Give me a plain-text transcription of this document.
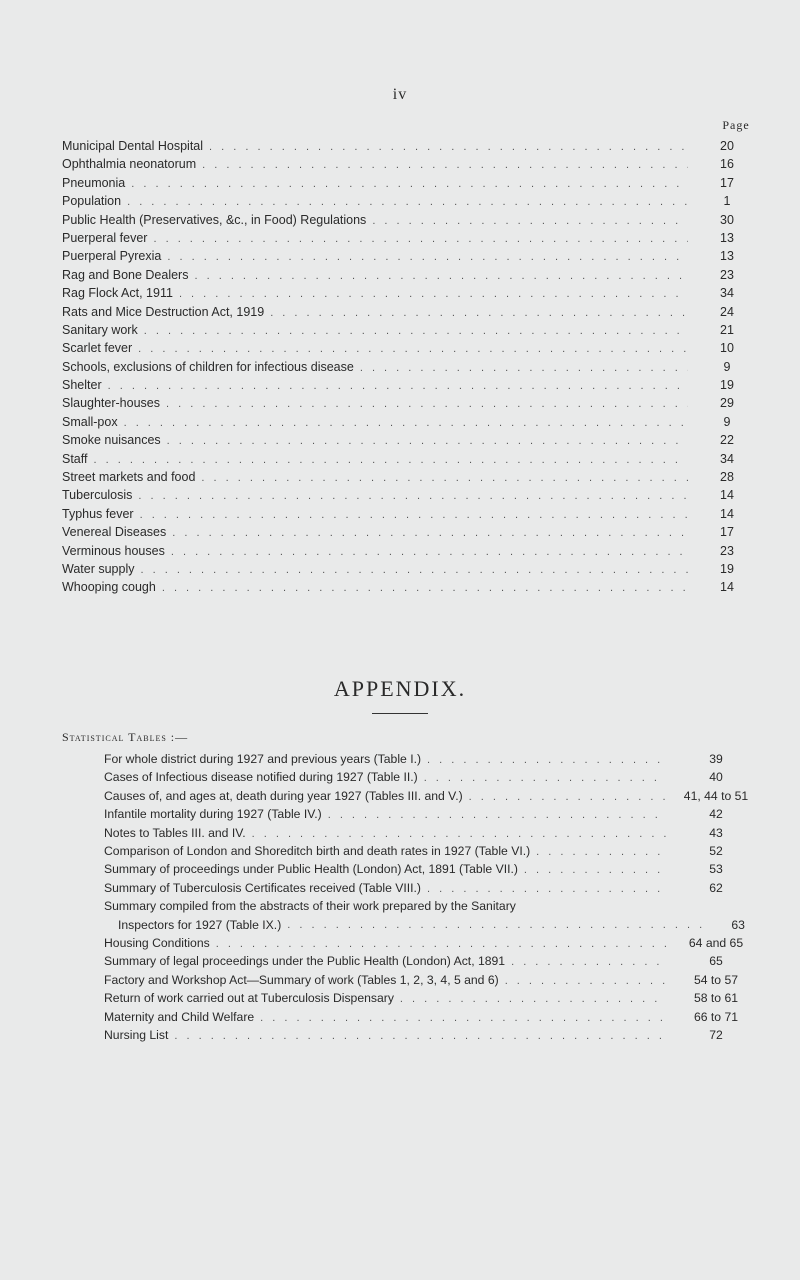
iv
Page
Municipal Dental Hospital . . .	20
Ophthalmia neonatorum . . .	16
Pneumonia . . .	17
Population . . .	1
Public Health (Preservatives, &c., in Food) Regulations . . .	30
Puerperal fever . . .	13
Puerperal Pyrexia . . .	13
Rag and Bone Dealers . . .	23
Rag Flock Act, 1911 . . .	34
Rats and Mice Destruction Act, 1919 . . .	24
Sanitary work . . .	21
Scarlet fever . . .	10
Schools, exclusions of children for infectious disease . . .	9
Shelter . . .	19
Slaughter-houses . . .	29
Small-pox . . .	9
Smoke nuisances . . .	22
Staff . . .	34
Street markets and food . . .	28
Tuberculosis . . .	14
Typhus fever . . .	14
Venereal Diseases . . .	17
Verminous houses . . .	23
Water supply . . .	19
Whooping cough . . .	14
APPENDIX.
Statistical Tables :—
For whole district during 1927 and previous years (Table I.) . . .	39
Cases of Infectious disease notified during 1927 (Table II.) . . .	40
Causes of, and ages at, death during year 1927 (Tables III. and V.) . . .	41, 44 to 51
Infantile mortality during 1927 (Table IV.) . . .	42
Notes to Tables III. and IV. . . .	43
Comparison of London and Shoreditch birth and death rates in 1927 (Table VI.) . . .	52
Summary of proceedings under Public Health (London) Act, 1891 (Table VII.) . . .	53
Summary of Tuberculosis Certificates received (Table VIII.) . . .	62
Summary compiled from the abstracts of their work prepared by the Sanitary
Inspectors for 1927 (Table IX.) . . .	63
Housing Conditions . . .	64 and 65
Summary of legal proceedings under the Public Health (London) Act, 1891 . . .	65
Factory and Workshop Act—Summary of work (Tables 1, 2, 3, 4, 5 and 6) . . .	54 to 57
Return of work carried out at Tuberculosis Dispensary . . .	58 to 61
Maternity and Child Welfare . . .	66 to 71
Nursing List . . .	72
